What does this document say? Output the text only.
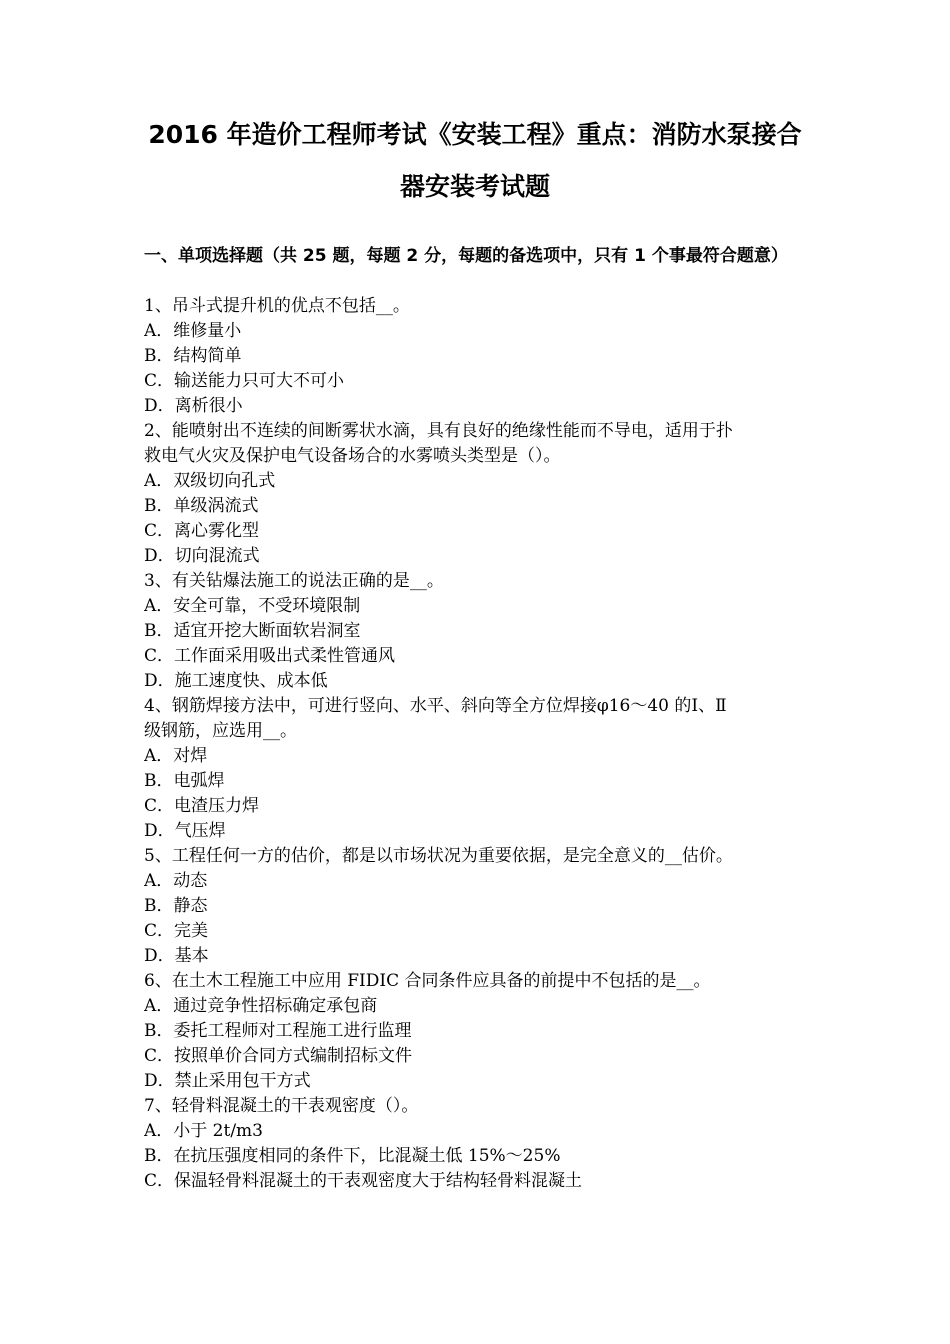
2016 年造价工程师考试《安装工程》重点：消防水泵接合
器安装考试题
一、单项选择题（共 25 题，每题 2 分，每题的备选项中，只有 1 个事最符合题意）
1、吊斗式提升机的优点不包括__。
A．维修量小
B．结构简单
C．输送能力只可大不可小
D．离析很小
2、能喷射出不连续的间断雾状水滴，具有良好的绝缘性能而不导电，适用于扑
救电气火灾及保护电气设备场合的水雾喷头类型是（）。
A．双级切向孔式
B．单级涡流式
C．离心雾化型
D．切向混流式
3、有关钻爆法施工的说法正确的是__。
A．安全可靠，不受环境限制
B．适宜开挖大断面软岩洞室
C．工作面采用吸出式柔性管通风
D．施工速度快、成本低
4、钢筋焊接方法中，可进行竖向、水平、斜向等全方位焊接φ16～40 的Ⅰ、Ⅱ
级钢筋，应选用__。
A．对焊
B．电弧焊
C．电渣压力焊
D．气压焊
5、工程任何一方的估价，都是以市场状况为重要依据，是完全意义的__估价。
A．动态
B．静态
C．完美
D．基本
6、在土木工程施工中应用 FIDIC 合同条件应具备的前提中不包括的是__。
A．通过竞争性招标确定承包商
B．委托工程师对工程施工进行监理
C．按照单价合同方式编制招标文件
D．禁止采用包干方式
7、轻骨料混凝土的干表观密度（）。
A．小于 2t/m3
B．在抗压强度相同的条件下，比混凝土低 15%～25%
C．保温轻骨料混凝土的干表观密度大于结构轻骨料混凝土
